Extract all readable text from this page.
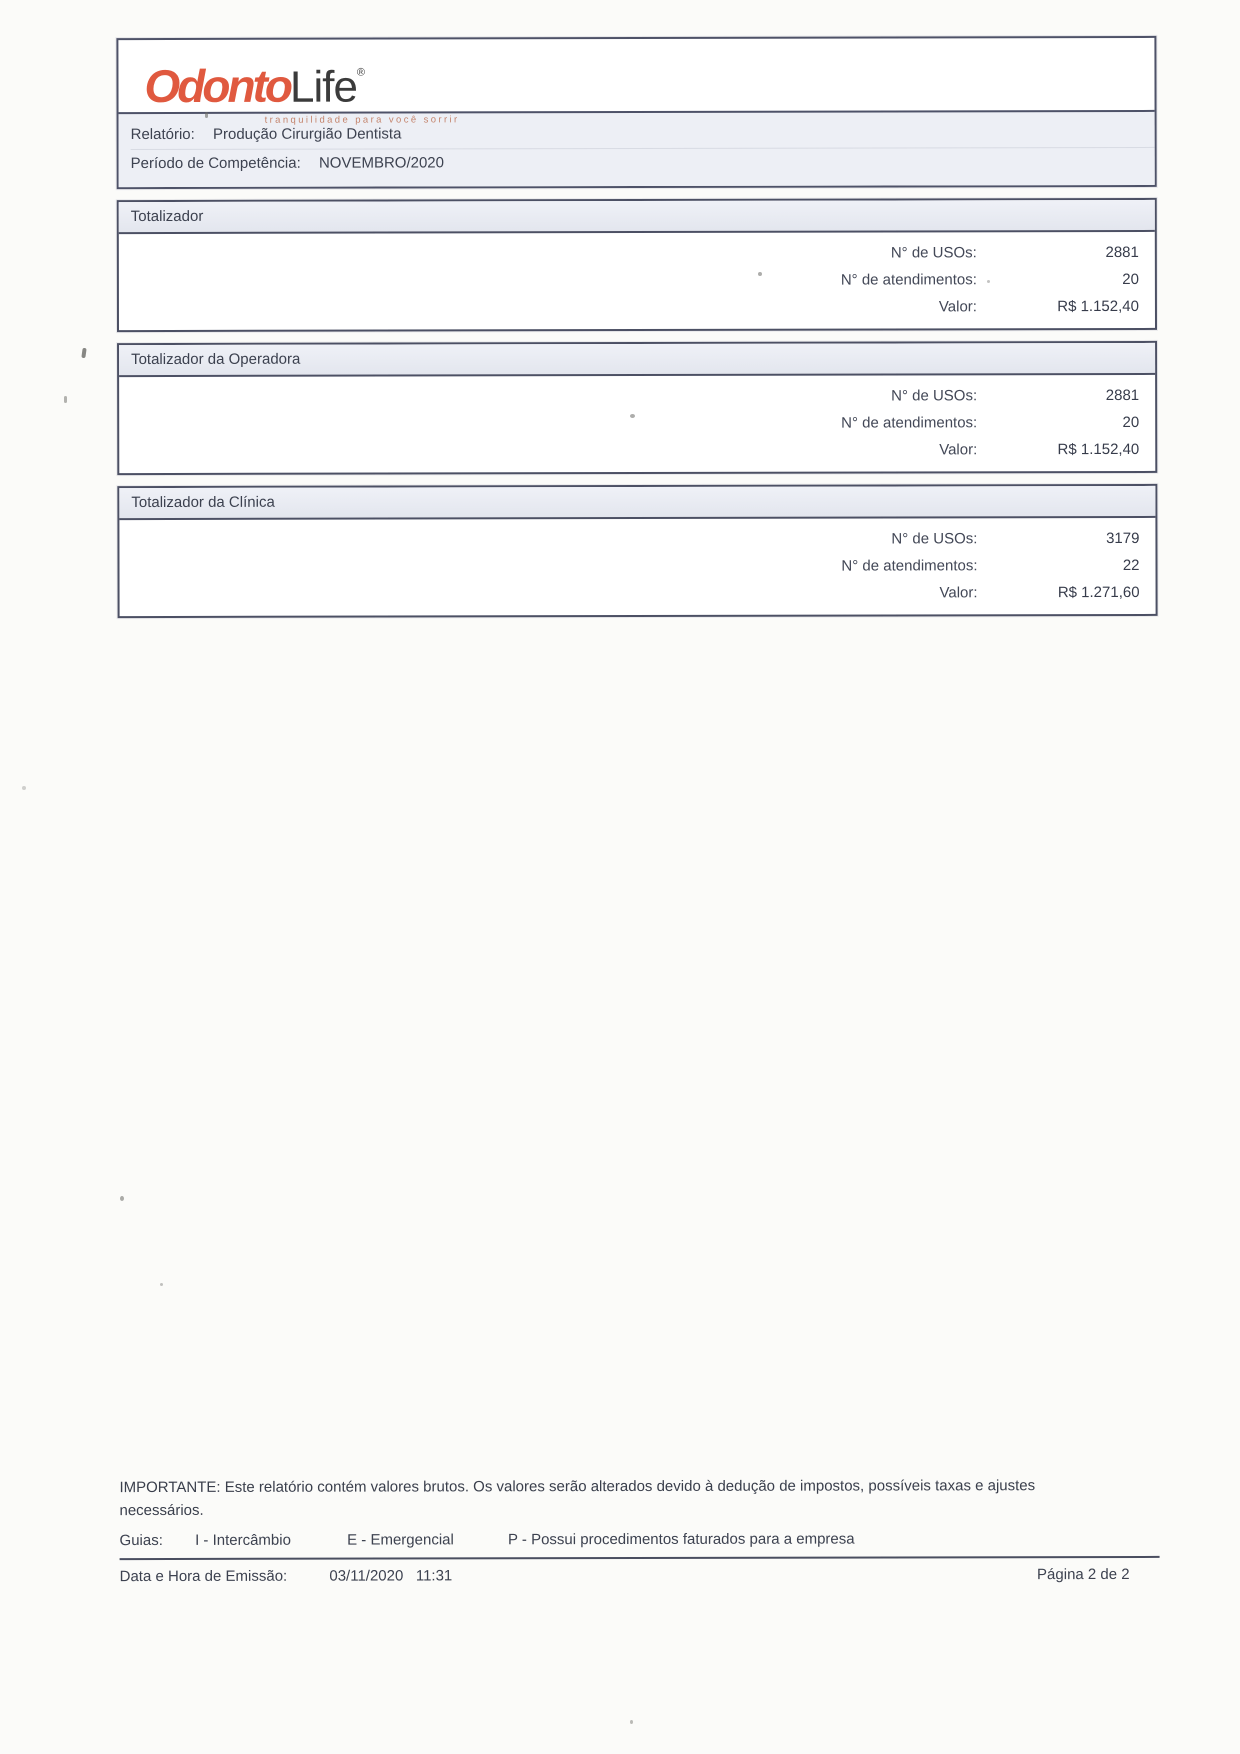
OdontoLife®
tranquilidade para você sorrir
Relatório: Produção Cirurgião Dentista
Período de Competência: NOVEMBRO/2020
Totalizador
N° de USOs:	2881
N° de atendimentos:	20
Valor:	R$ 1.152,40
Totalizador da Operadora
N° de USOs:	2881
N° de atendimentos:	20
Valor:	R$ 1.152,40
Totalizador da Clínica
N° de USOs:	3179
N° de atendimentos:	22
Valor:	R$ 1.271,60

IMPORTANTE: Este relatório contém valores brutos. Os valores serão alterados devido à dedução de impostos, possíveis taxas e ajustes necessários.

Guias: I - Intercâmbio	E - Emergencial	P - Possui procedimentos faturados para a empresa
Data e Hora de Emissão:	03/11/2020   11:31	Página 2 de 2
